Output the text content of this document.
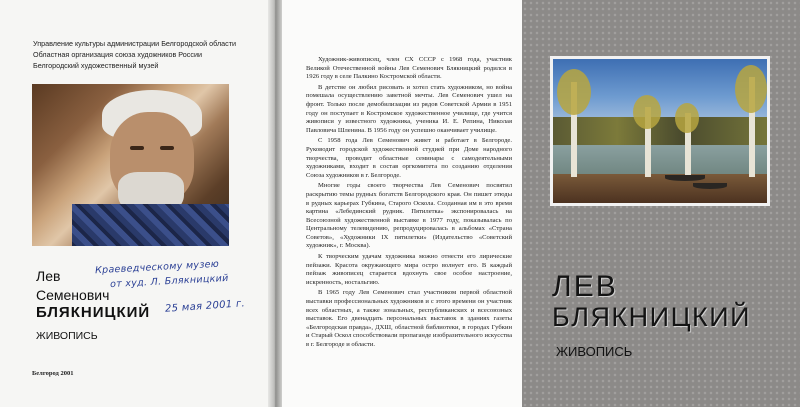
Управление культуры администрации Белгородской области
Областная организация союза художников России
Белгородский художественный музей
Лев
Семенович
БЛЯКНИЦКИЙ
ЖИВОПИСЬ
Краеведческому музею
от худ. Л. Блякницкий
25 мая 2001 г.
Белгород 2001

Художник-живописец, член СХ СССР с 1968 года, участник Великой Отечественной войны Лев Семенович Блякницкий родился в 1926 году в селе Палкино Костромской области.

В детстве он любил рисовать и хотел стать художником, но война помешала осуществлению заветной мечты. Лев Семенович ушел на фронт. Только после демобилизации из рядов Советской Армии в 1951 году он поступает в Костромское художественное училище, где учится живописи у известного художника, ученика И. Е. Репина, Николая Павловича Шленина. В 1956 году он успешно оканчивает училище.

С 1958 года Лев Семенович живет и работает в Белгороде. Руководит городской художественной студией при Доме народного творчества, проводит областные семинары с самодеятельными художниками, входит в состав оргкомитета по созданию отделения Союза художников в г. Белгороде.

Многие годы своего творчества Лев Семенович посвятил раскрытию темы рудных богатств Белгородского края. Он пишет этюды в рудных карьерах Губкина, Старого Оскола. Созданная им в это время картина «Лебединский рудник. Пятилетка» экспонировалась на Всесоюзной художественной выставке в 1977 году, показывалась по Центральному телевидению, репродуцировалась в альбомах «Страна Советов», «Художники IX пятилетки» (Издательство «Советский художник», г. Москва).

К творческим удачам художника можно отнести его лирические пейзажи. Красота окружающего мира остро волнует его. В каждый пейзаж живописец старается вдохнуть свое особое настроение, искренность, ностальгию.

В 1965 году Лев Семенович стал участником первой областной выставки профессиональных художников и с этого времени он участник всех областных, а также зональных, республиканских и всесоюзных выставок. Его двенадцать персональных выставок в зданиях газеты «Белгородская правда», ДХШ, областной библиотеки, в городах Губкин и Старый Оскол способствовали пропаганде изобразительного искусства в г. Белгороде и области.

ЛЕВ
БЛЯКНИЦКИЙ
ЖИВОПИСЬ
